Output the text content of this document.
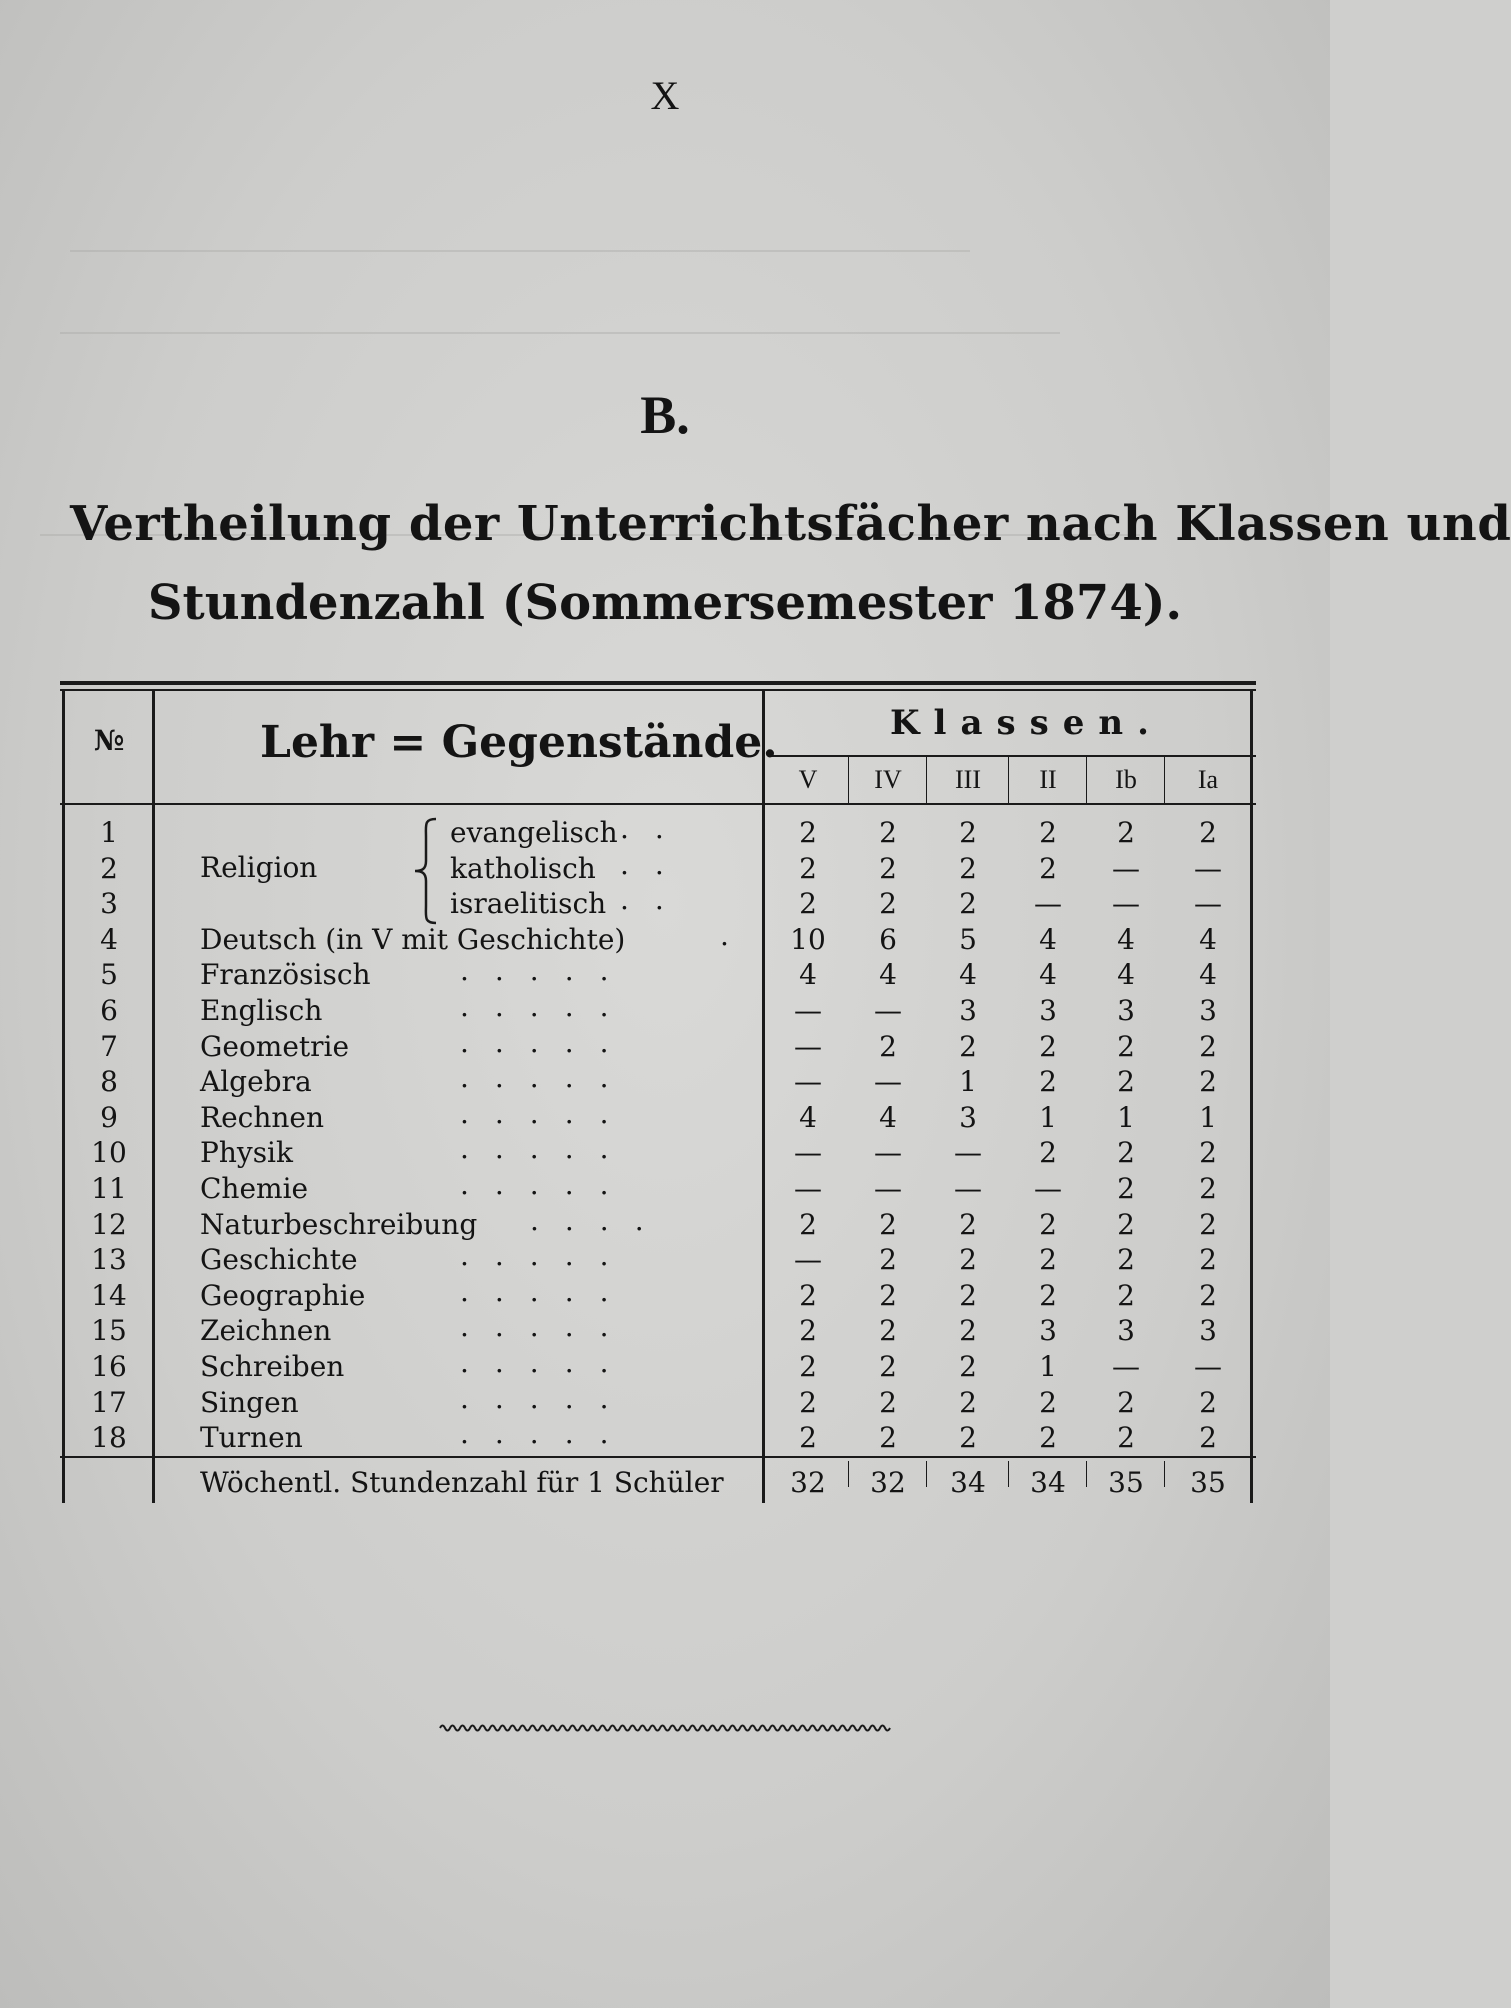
X
B.
Vertheilung der Unterrichtsfächer nach Klassen und
Stundenzahl (Sommersemester 1874).
№	Lehr = Gegenstände.	Klassen.
V	IV	III	II	Ib	Ia
Religion
1	evangelisch ..	2	2	2	2	2	2
2	katholisch ..	2	2	2	2	—	—
3	israelitisch ..	2	2	2	—	—	—
4	Deutsch (in V mit Geschichte)	.	10	6	5	4	4	4
5	Französisch	.....	4	4	4	4	4	4
6	Englisch	.....	—	—	3	3	3	3
7	Geometrie	.....	—	2	2	2	2	2
8	Algebra	.....	—	—	1	2	2	2
9	Rechnen	.....	4	4	3	1	1	1
10	Physik	.....	—	—	—	2	2	2
11	Chemie	.....	—	—	—	—	2	2
12	Naturbeschreibung ....	2	2	2	2	2	2
13	Geschichte	.....	—	2	2	2	2	2
14	Geographie	.....	2	2	2	2	2	2
15	Zeichnen	.....	2	2	2	3	3	3
16	Schreiben	.....	2	2	2	1	—	—
17	Singen	.....	2	2	2	2	2	2
18	Turnen	.....	2	2	2	2	2	2
Wöchentl. Stundenzahl für 1 Schüler	32	32	34	34	35	35
